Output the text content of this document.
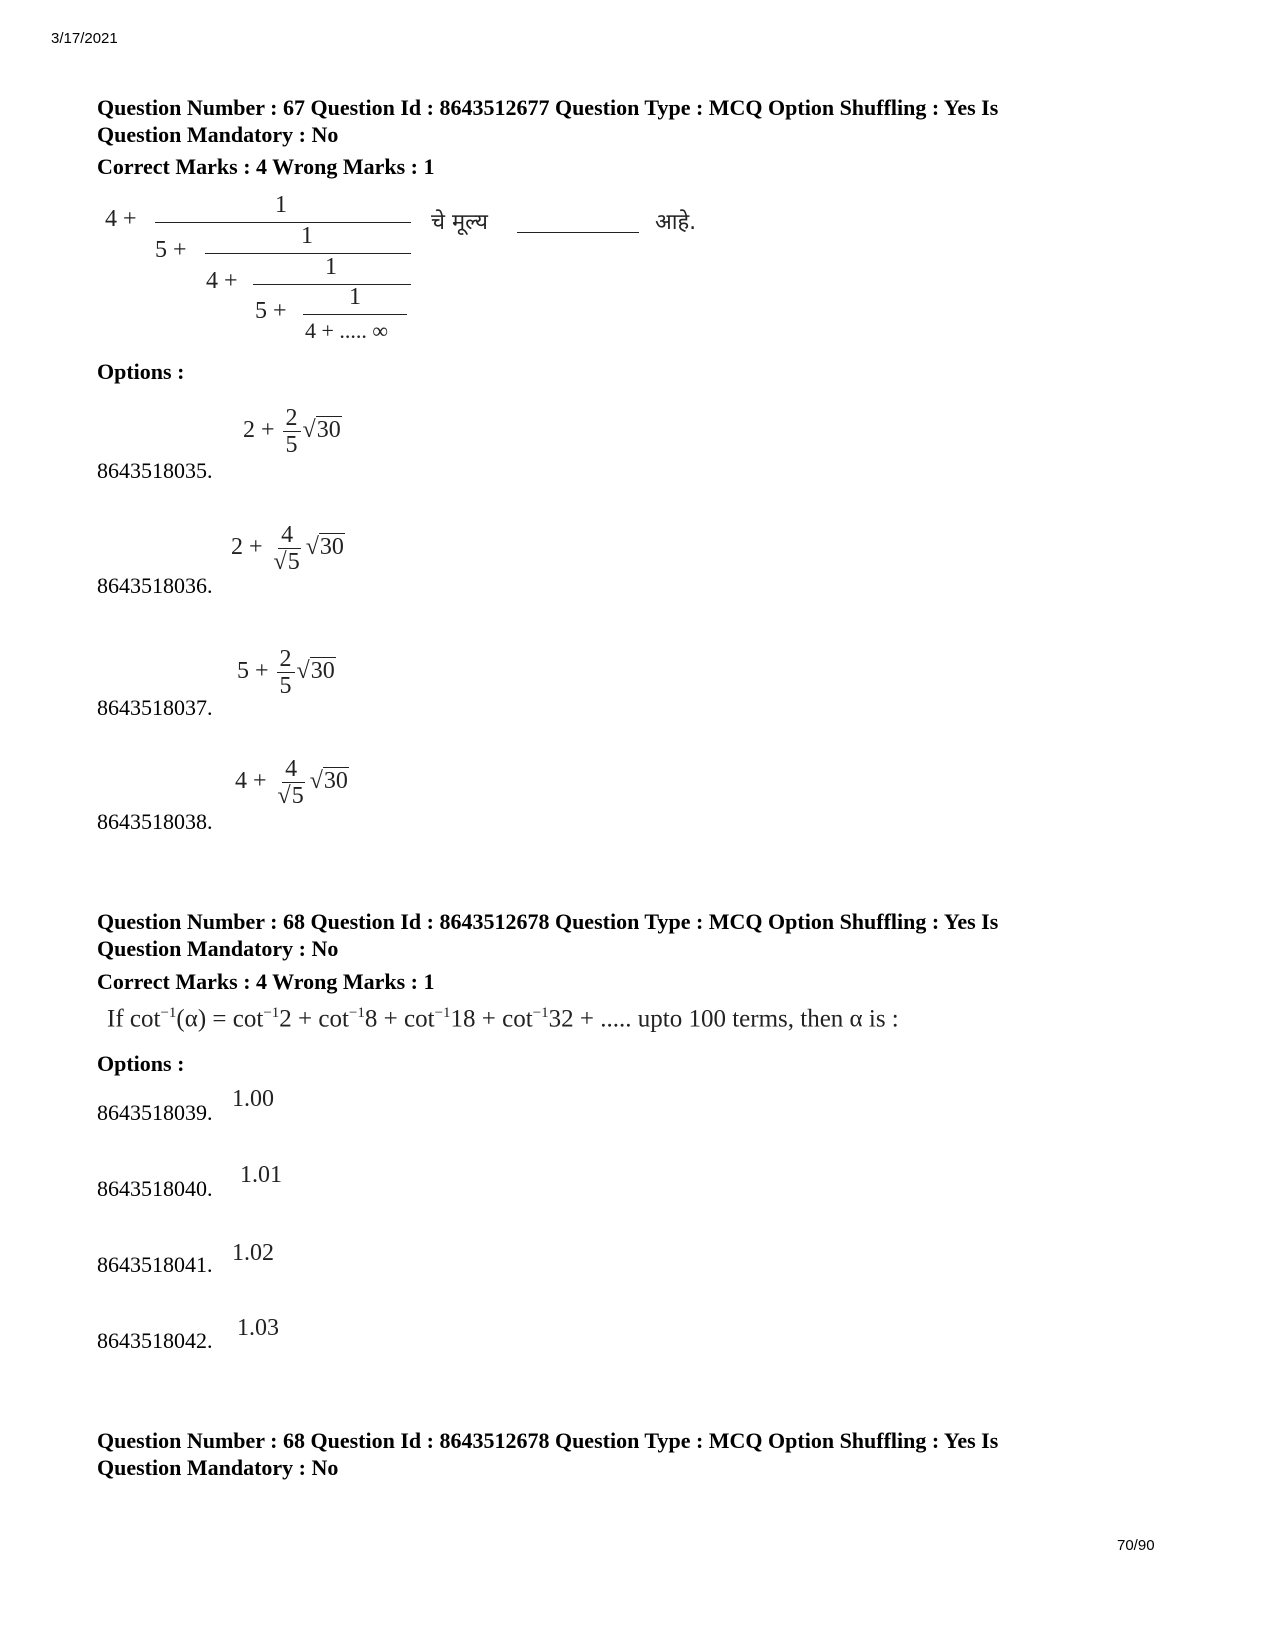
3/17/2021
70/90
Question Number : 67 Question Id : 8643512677 Question Type : MCQ Option Shuffling : Yes Is
Question Mandatory : No
Correct Marks : 4 Wrong Marks : 1
4 +
1
5 +
1
4 +
1
5 +
1
4 + ..... ∞
चे मूल्य	आहे.
Options :
8643518035.
$2 + \frac{2}{5} √30$
8643518036.
$2 + \frac{4}{√5} √30$
8643518037.
$5 + \frac{2}{5} √30$
8643518038.
$4 + \frac{4}{√5} √30$
Question Number : 68 Question Id : 8643512678 Question Type : MCQ Option Shuffling : Yes Is
Question Mandatory : No
Correct Marks : 4 Wrong Marks : 1
If $\cot^{-1}(\alpha) = \cot^{-1}2 + \cot^{-1}8 + \cot^{-1}18 + \cot^{-1}32$ + ..... upto 100 terms, then α is :
Options :
8643518039.
1.00
8643518040.
1.01
8643518041. 1.02
8643518042. 1.03
Question Number : 68 Question Id : 8643512678 Question Type : MCQ Option Shuffling : Yes Is
Question Mandatory : No
